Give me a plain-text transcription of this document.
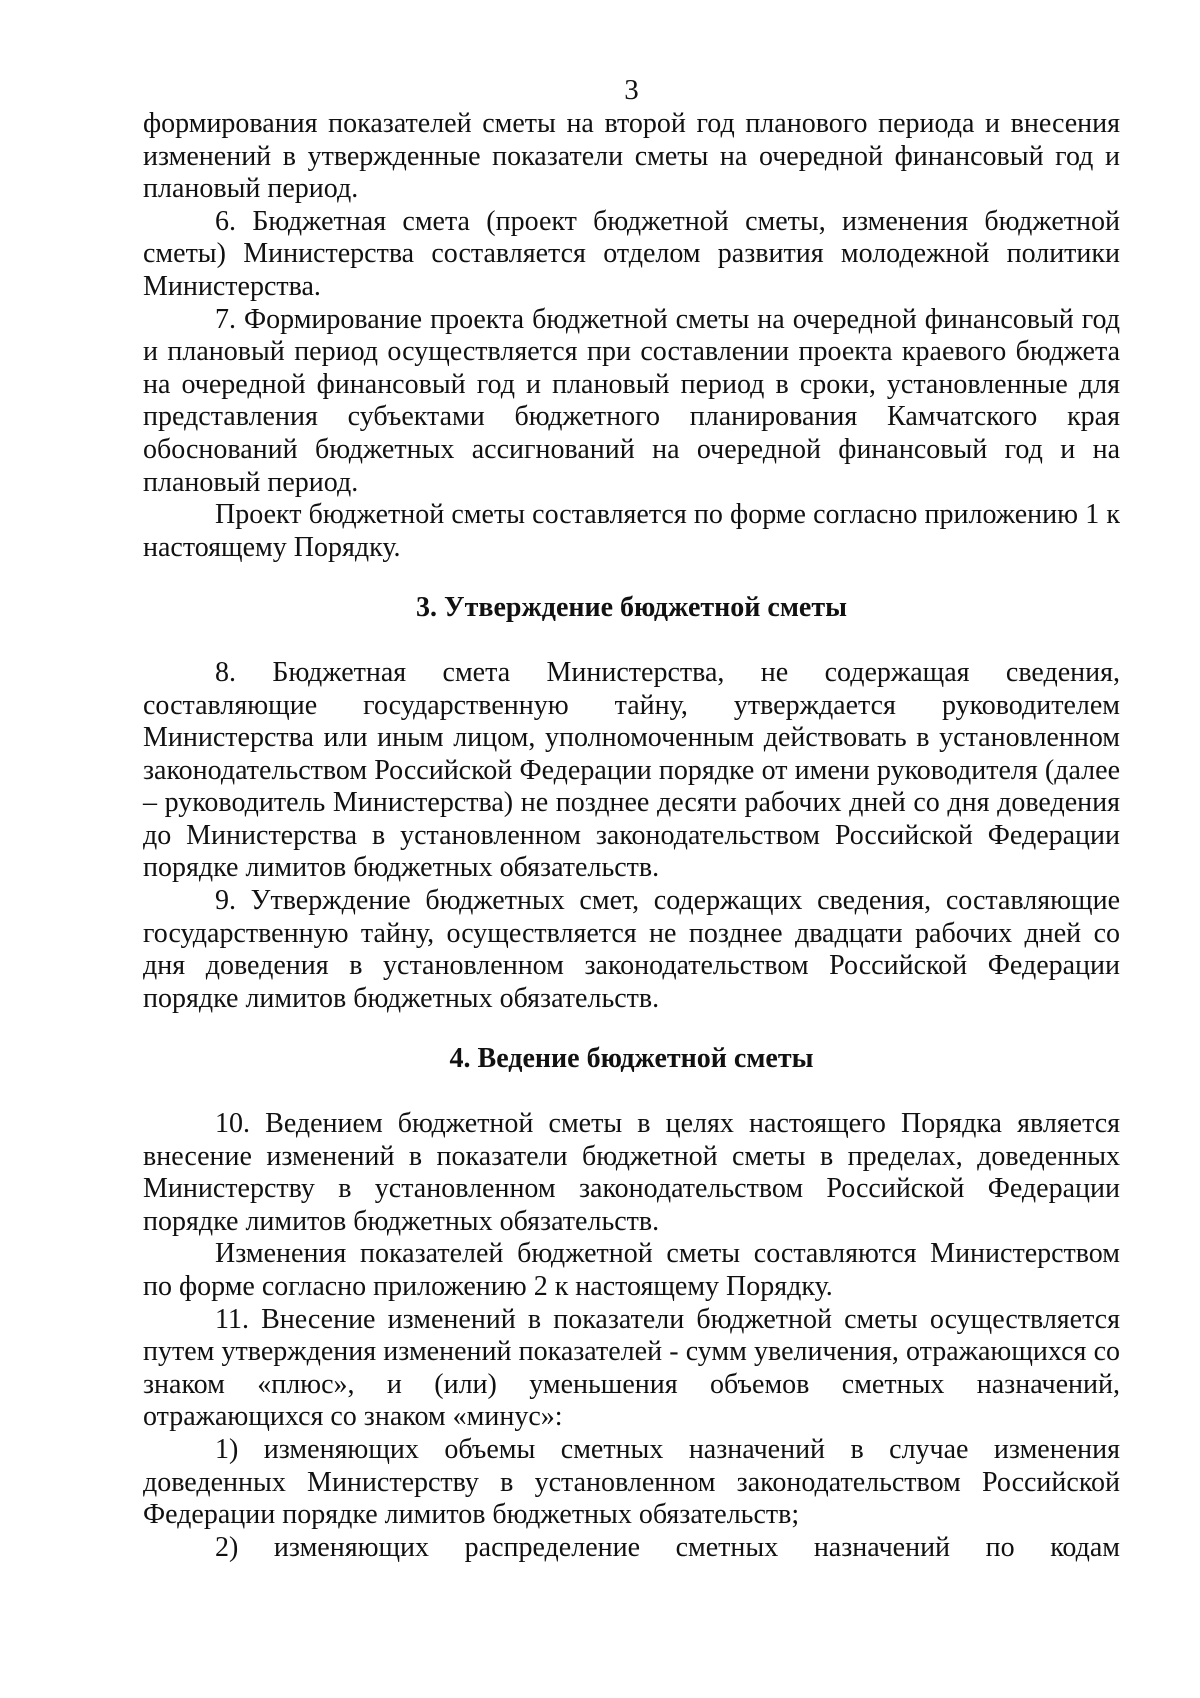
3

формирования показателей сметы на второй год планового периода и внесения изменений в утвержденные показатели сметы на очередной финансовый год и плановый период.

6. Бюджетная смета (проект бюджетной сметы, изменения бюджетной сметы) Министерства составляется отделом развития молодежной политики Министерства.

7. Формирование проекта бюджетной сметы на очередной финансовый год и плановый период осуществляется при составлении проекта краевого бюджета на очередной финансовый год и плановый период в сроки, установленные для представления субъектами бюджетного планирования Камчатского края обоснований бюджетных ассигнований на очередной финансовый год и на плановый период.

Проект бюджетной сметы составляется по форме согласно приложению 1 к настоящему Порядку.

3. Утверждение бюджетной сметы

8. Бюджетная смета Министерства, не содержащая сведения, составляющие государственную тайну, утверждается руководителем Министерства или иным лицом, уполномоченным действовать в установленном законодательством Российской Федерации порядке от имени руководителя (далее – руководитель Министерства) не позднее десяти рабочих дней со дня доведения до Министерства в установленном законодательством Российской Федерации порядке лимитов бюджетных обязательств.

9. Утверждение бюджетных смет, содержащих сведения, составляющие государственную тайну, осуществляется не позднее двадцати рабочих дней со дня доведения в установленном законодательством Российской Федерации порядке лимитов бюджетных обязательств.

4. Ведение бюджетной сметы

10. Ведением бюджетной сметы в целях настоящего Порядка является внесение изменений в показатели бюджетной сметы в пределах, доведенных Министерству в установленном законодательством Российской Федерации порядке лимитов бюджетных обязательств.

Изменения показателей бюджетной сметы составляются Министерством по форме согласно приложению 2 к настоящему Порядку.

11. Внесение изменений в показатели бюджетной сметы осуществляется путем утверждения изменений показателей - сумм увеличения, отражающихся со знаком «плюс», и (или) уменьшения объемов сметных назначений, отражающихся со знаком «минус»:

1) изменяющих объемы сметных назначений в случае изменения доведенных Министерству в установленном законодательством Российской Федерации порядке лимитов бюджетных обязательств;

2) изменяющих распределение сметных назначений по кодам
